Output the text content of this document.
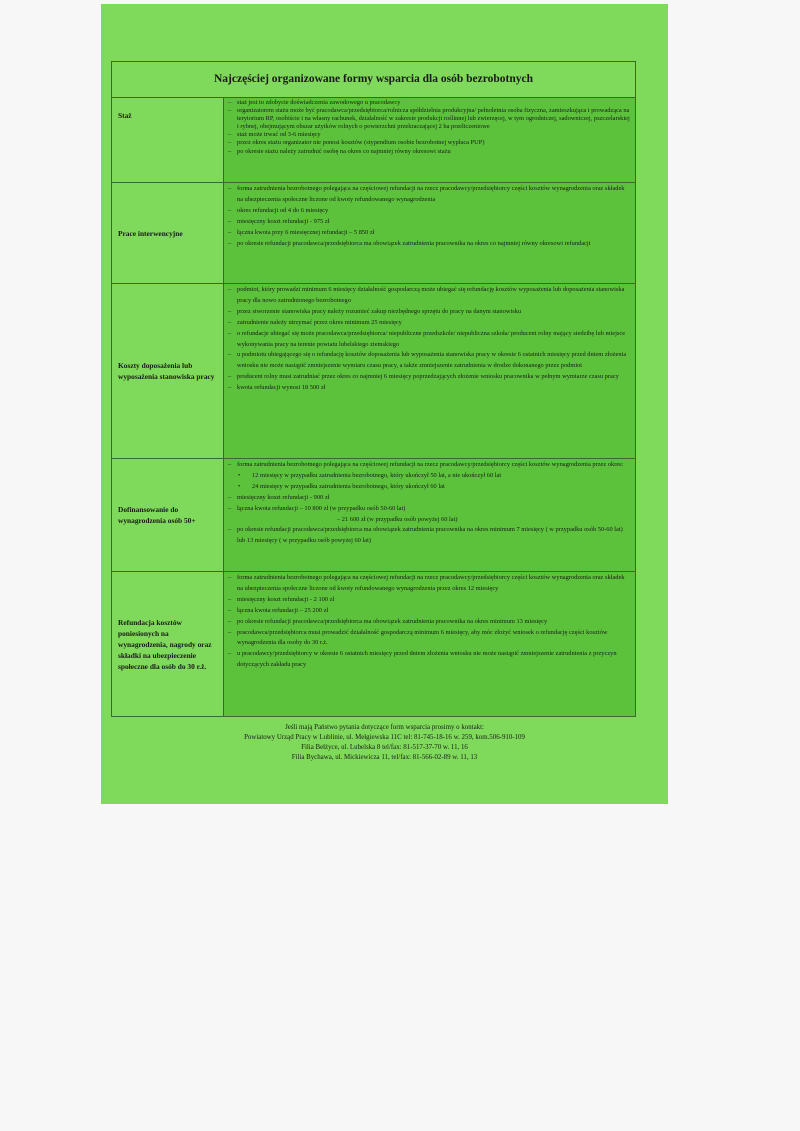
Najczęściej organizowane formy wsparcia dla osób bezrobotnych
Staż
– staż jest to zdobycie doświadczenia zawodowego u pracodawcy
– organizatorem stażu może być pracodawca/przedsiębiorca/rolnicza spółdzielnia produkcyjna/ pełnoletnia osoba fizyczna, zamieszkująca i prowadząca na terytorium RP, osobiście i na własny rachunek, działalność w zakresie produkcji roślinnej lub zwierzęcej, w tym ogrodniczej, sadowniczej, pszczelarskiej i rybnej, obejmującym obszar użytków rolnych o powierzchni przekraczającej 2 ha przeliczeniowe
– staż może trwać od 3-6 miesięcy
– przez okres stażu organizator nie ponosi kosztów (stypendium osobie bezrobotnej wypłaca PUP)
– po okresie stażu należy zatrudnić osobę na okres co najmniej równy okresowi stażu
Prace interwencyjne
– forma zatrudnienia bezrobotnego polegająca na częściowej refundacji na rzecz pracodawcy/przedsiębiorcy części kosztów wynagrodzenia oraz składek na ubezpieczenia społeczne liczone od kwoty refundowanego wynagrodzenia
– okres refundacji od 4 do 6 miesięcy
– miesięczny koszt refundacji - 975 zł
– łączna kwota przy 6 miesięcznej refundacji – 5 850 zł
– po okresie refundacji pracodawca/przedsiębiorca ma obowiązek zatrudnienia pracownika na okres co najmniej równy okresowi refundacji
Koszty doposażenia lub wyposażenia stanowiska pracy
– podmiot, który prowadzi minimum 6 miesięcy działalność gospodarczą może ubiegać się refundację kosztów wyposażenia lub doposażenia stanowiska pracy dla nowo zatrudnionego bezrobotnego
– przez stworzenie stanowiska pracy należy rozumieć zakup niezbędnego sprzętu do pracy na danym stanowisku
– zatrudnienie należy utrzymać przez okres minimum 25 miesięcy
– o refundacje ubiegać się może pracodawca/przedsiębiorca/ niepubliczne przedszkole/ niepubliczna szkoła/ producent rolny mający siedzibę lub miejsce wykonywania pracy na terenie powiatu lubelskiego ziemskiego
– u podmiotu ubiegającego się o refundację kosztów doposażenia lub wyposażenia stanowiska pracy w okresie 6 ostatnich miesięcy przed dniem złożenia wniosku nie może nastąpić zmniejszenie wymiaru czasu pracy, a także zmniejszenie zatrudnienia w drodze dokonanego przez podmiot
– producent rolny musi zatrudniać przez okres co najmniej 6 miesięcy poprzedzających złożenie wniosku pracownika w pełnym wymiarze czasu pracy
– kwota refundacji wynosi 18 500 zł
Dofinansowanie do wynagrodzenia osób 50+
– forma zatrudnienia bezrobotnego polegająca na częściowej refundacji na rzecz pracodawcy/przedsiębiorcy części kosztów wynagrodzenia przez okres:
•	12 miesięcy w przypadku zatrudnienia bezrobotnego, który ukończył 50 lat, a nie ukończył 60 lat
•	24 miesięcy w przypadku zatrudnienia bezrobotnego, który ukończył 60 lat
– miesięczny koszt refundacji - 900 zł
– łączna kwota refundacji – 10 800 zł (w przypadku osób 50-60 lat)
– 21 600 zł (w przypadku osób powyżej 60 lat)
– po okresie refundacji pracodawca/przedsiębiorca ma obowiązek zatrudnienia pracownika na okres minimum 7 miesięcy ( w przypadku osób 50-60 lat) lub 13 miesięcy ( w przypadku osób powyżej 60 lat)
Refundacja kosztów poniesionych na wynagrodzenia, nagrody oraz składki na ubezpieczenie społeczne dla osób do 30 r.ż.
– forma zatrudnienia bezrobotnego polegająca na częściowej refundacji na rzecz pracodawcy/przedsiębiorcy części kosztów wynagrodzenia oraz składek na ubezpieczenia społeczne liczone od kwoty refundowanego wynagrodzenia przez okres 12 miesięcy
– miesięczny koszt refundacji - 2 100 zł
– łączna kwota refundacji – 25 200 zł
– po okresie refundacji pracodawca/przedsiębiorca ma obowiązek zatrudnienia pracownika na okres minimum 13 miesięcy
– pracodawca/przedsiębiorca musi prowadzić działalność gospodarczą minimum 6 miesięcy, aby móc złożyć wniosek o refundację części kosztów wynagrodzenia dla osoby do 30 r.ż.
– u pracodawcy/przedsiębiorcy w okresie 6 ostatnich miesięcy przed dniem złożenia wniosku nie może nastąpić zmniejszenie zatrudnienia z przyczyn dotyczących zakładu pracy
Jeśli mają Państwo pytania dotyczące form wsparcia prosimy o kontakt:
Powiatowy Urząd Pracy w Lublinie, ul. Mełgiewska 11C tel: 81-745-18-16 w. 259, kom.506-910-109
Filia Bełżyce, ul. Lubelska 8 tel/fax: 81-517-37-70 w. 11, 16
Filia Bychawa, ul. Mickiewicza 11, tel/fax: 81-566-02-89 w. 11, 13
